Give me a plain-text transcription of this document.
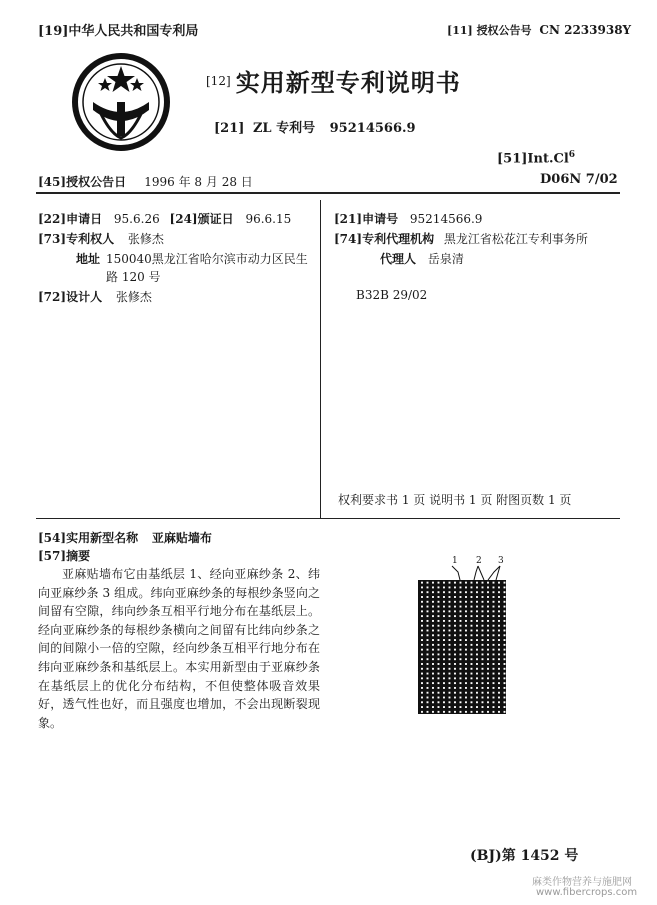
[19]中华人民共和国专利局	[11] 授权公告号 CN 2233938Y
[12] 实用新型专利说明书
[21] ZL 专利号 95214566.9
[51]Int.Cl$^6$
D06N 7/02
[45]授权公告日 1996 年 8 月 28 日
[22]申请日 95.6.26 [24]颁证日 96.6.15
[73]专利权人 张修杰
地址 150040黑龙江省哈尔滨市动力区民生
路 120 号
[72]设计人 张修杰
[21]申请号 95214566.9
[74]专利代理机构 黑龙江省松花江专利事务所
代理人 岳泉清
B32B 29/02
权利要求书 1 页 说明书 1 页 附图页数 1 页
[54]实用新型名称 亚麻贴墙布
[57]摘要

亚麻贴墙布它由基纸层 1、经向亚麻纱条 2、纬向亚麻纱条 3 组成。纬向亚麻纱条的每根纱条竖向之间留有空隙，纬向纱条互相平行地分布在基纸层上。经向亚麻纱条的每根纱条横向之间留有比纬向纱条之间的间隙小一倍的空隙，经向纱条互相平行地分布在纬向亚麻纱条和基纸层上。本实用新型由于亚麻纱条在基纸层上的优化分布结构，不但使整体吸音效果好，透气性也好，而且强度也增加，不会出现断裂现象。

1 2 3
(BJ)第 1452 号
麻类作物营养与施肥网
www.fibercrops.com
